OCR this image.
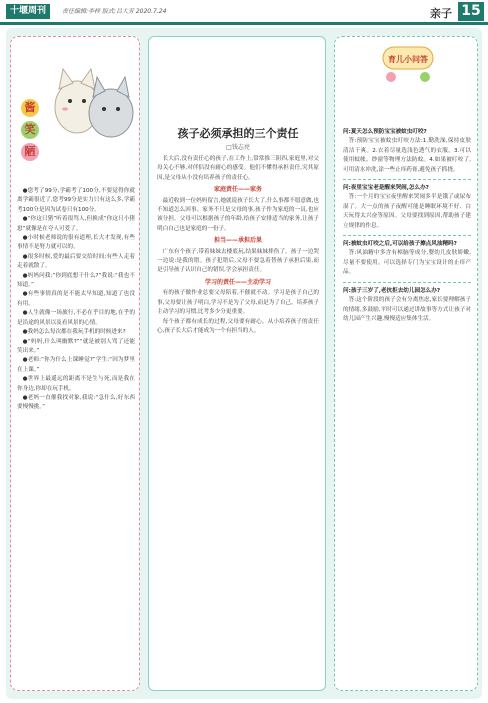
十堰周刊	责任编辑:李梓 版式:吕大芳 2020.7.24	亲子 15
酱
笑
陋

●您考了99分,学霸考了100分,不要觉得你就离学霸很近了,您考99分是实力只有这么多,学霸考100分是因为试卷只有100分。

●“你这只猪”听着很骂人,但换成“你这只小猪崽”就像是在夸人可爱了。

●小时候老师说的很有道理,长大才发现,有些事情不是努力就可以的。

●很多时候,爱的最后要交给时间;有些人走着走着就散了。

●妈妈问我:“你到底想干什么?”我说:“我也不知道。”

●有些事情真的是不能太早知道,知道了也没有用。

●人生就像一场旅行,不必在乎目的地,在乎的是沿途的风景以及看风景的心情。

●我妈怎么每次都在我玩手机的时候进来?

●“妈妈,什么叫幽默?”“就是被别人骂了还能笑出来。”

●老师:“你为什么上课睡觉?”学生:“因为梦里在上课。”

●世界上最遥远的距离不是生与死,而是我在你身边,你却在玩手机。

●老妈一直催我找对象,我说:“急什么,好东西要慢慢挑。”

孩子必须承担的三个责任
□钱志亮

长大后,没有责任心的孩子,在工作上,常常推三阻四,家庭里,对父母关心不够,对伴侣没有耐心的感受。他们不懂得承担责任,究其原因,是父母从小没有培养孩子的责任心。

家庭责任——家务

最近收到一位妈妈留言,她就说孩子长大了,什么事都不愿意做,也不知道怎么回事。家务不只是父母的事,孩子作为家庭的一员,也应该分担。父母可以根据孩子的年龄,给孩子安排适当的家务,让孩子明白自己也是家庭的一份子。

担当——承担后果

广东有个孩子,带着妹妹去楼底玩,结果妹妹摔伤了。孩子一边哭一边说:是我的错。孩子犯错后,父母不要急着替孩子承担后果,而是引导孩子认识自己的错误,学会承担责任。

学习的责任——主动学习

有的孩子做作业总要父母陪着,不催就不动。学习是孩子自己的事,父母要让孩子明白,学习不是为了父母,而是为了自己。培养孩子主动学习的习惯,比考多少分更重要。

每个孩子都有成长的过程,父母要有耐心。从小培养孩子的责任心,孩子长大后才能成为一个有担当的人。

育儿小问答
问:夏天怎么预防宝宝被蚊虫叮咬?

答:预防宝宝被蚊虫叮咬方法:1.勤洗澡,保持皮肤清洁干爽。2.衣着尽量选浅色透气的衣服。3.可以使用蚊帐、纱窗等物理方法防蚊。4.如果被叮咬了,可用清水冲洗,涂一些止痒药膏,避免孩子抓挠。

问:夜里宝宝老是醒来哭闹,怎么办?

答:一个月的宝宝夜里醒来哭闹多半是饿了或尿布湿了。大一点的孩子夜醒可能是睡眠环境不好、白天玩得太兴奋等原因。父母要找到原因,帮助孩子建立规律的作息。

问:被蚊虫叮咬之后,可以给孩子擦点风油精吗?

答:风油精中多含有樟脑等成分,婴幼儿皮肤娇嫩,尽量不要使用。可以选择专门为宝宝设计的止痒产品。

问:孩子三岁了,老抗拒去幼儿园怎么办?

答:这个阶段的孩子会有分离焦虑,家长要理解孩子的情绪,多鼓励,平时可以通过讲故事等方式让孩子对幼儿园产生兴趣,慢慢适应集体生活。
